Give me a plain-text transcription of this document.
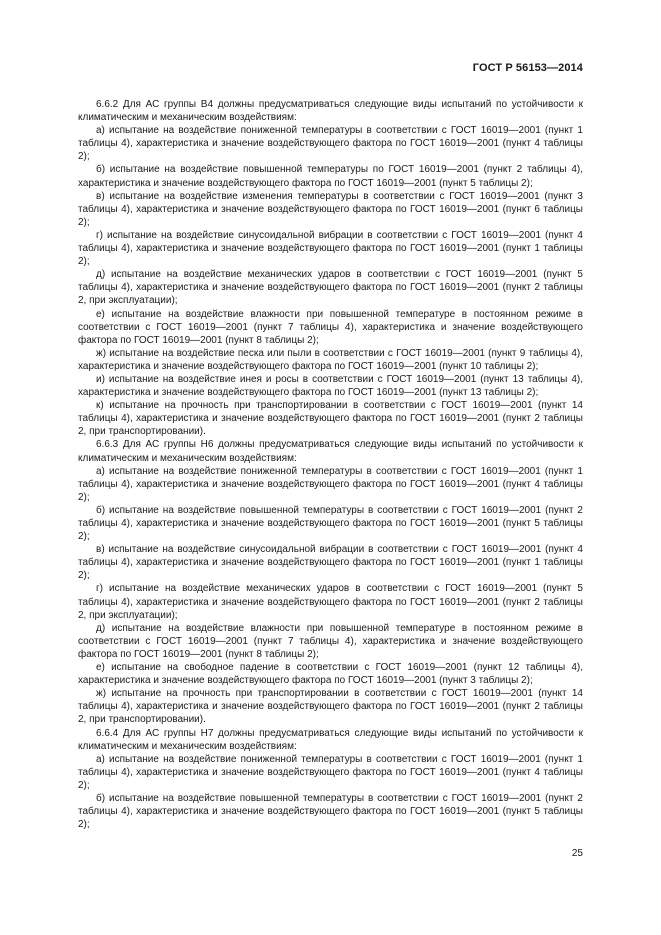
ГОСТ Р 56153—2014

6.6.2 Для АС группы В4 должны предусматриваться следующие виды испытаний по устойчивости к климатическим и механическим воздействиям:

а) испытание на воздействие пониженной температуры в соответствии с ГОСТ 16019—2001 (пункт 1 таблицы 4), характеристика и значение воздействующего фактора по ГОСТ 16019—2001 (пункт 4 таблицы 2);

б) испытание на воздействие повышенной температуры по ГОСТ 16019—2001 (пункт 2 таблицы 4), характеристика и значение воздействующего фактора по ГОСТ 16019—2001 (пункт 5 таблицы 2);

в) испытание на воздействие изменения температуры в соответствии с ГОСТ 16019—2001 (пункт 3 таблицы 4), характеристика и значение воздействующего фактора по ГОСТ 16019—2001 (пункт 6 таблицы 2);

г) испытание на воздействие синусоидальной вибрации в соответствии с ГОСТ 16019—2001 (пункт 4 таблицы 4), характеристика и значение воздействующего фактора по ГОСТ 16019—2001 (пункт 1 таблицы 2);

д) испытание на воздействие механических ударов в соответствии с ГОСТ 16019—2001 (пункт 5 таблицы 4), характеристика и значение воздействующего фактора по ГОСТ 16019—2001 (пункт 2 таблицы 2, при эксплуатации);

е) испытание на воздействие влажности при повышенной температуре в постоянном режиме в соответствии с ГОСТ 16019—2001 (пункт 7 таблицы 4), характеристика и значение воздействующего фактора по ГОСТ 16019—2001 (пункт 8 таблицы 2);

ж) испытание на воздействие песка или пыли в соответствии с ГОСТ 16019—2001 (пункт 9 таблицы 4), характеристика и значение воздействующего фактора по ГОСТ 16019—2001 (пункт 10 таблицы 2);

и) испытание на воздействие инея и росы в соответствии с ГОСТ 16019—2001 (пункт 13 таблицы 4), характеристика и значение воздействующего фактора по ГОСТ 16019—2001 (пункт 13 таблицы 2);

к) испытание на прочность при транспортировании в соответствии с ГОСТ 16019—2001 (пункт 14 таблицы 4), характеристика и значение воздействующего фактора по ГОСТ 16019—2001 (пункт 2 таблицы 2, при транспортировании).

6.6.3 Для АС группы Н6 должны предусматриваться следующие виды испытаний по устойчивости к климатическим и механическим воздействиям:

а) испытание на воздействие пониженной температуры в соответствии с ГОСТ 16019—2001 (пункт 1 таблицы 4), характеристика и значение воздействующего фактора по ГОСТ 16019—2001 (пункт 4 таблицы 2);

б) испытание на воздействие повышенной температуры в соответствии с ГОСТ 16019—2001 (пункт 2 таблицы 4), характеристика и значение воздействующего фактора по ГОСТ 16019—2001 (пункт 5 таблицы 2);

в) испытание на воздействие синусоидальной вибрации в соответствии с ГОСТ 16019—2001 (пункт 4 таблицы 4), характеристика и значение воздействующего фактора по ГОСТ 16019—2001 (пункт 1 таблицы 2);

г) испытание на воздействие механических ударов в соответствии с ГОСТ 16019—2001 (пункт 5 таблицы 4), характеристика и значение воздействующего фактора по ГОСТ 16019—2001 (пункт 2 таблицы 2, при эксплуатации);

д) испытание на воздействие влажности при повышенной температуре в постоянном режиме в соответствии с ГОСТ 16019—2001 (пункт 7 таблицы 4), характеристика и значение воздействующего фактора по ГОСТ 16019—2001 (пункт 8 таблицы 2);

е) испытание на свободное падение в соответствии с ГОСТ 16019—2001 (пункт 12 таблицы 4), характеристика и значение воздействующего фактора по ГОСТ 16019—2001 (пункт 3 таблицы 2);

ж) испытание на прочность при транспортировании в соответствии с ГОСТ 16019—2001 (пункт 14 таблицы 4), характеристика и значение воздействующего фактора по ГОСТ 16019—2001 (пункт 2 таблицы 2, при транспортировании).

6.6.4 Для АС группы Н7 должны предусматриваться следующие виды испытаний по устойчивости к климатическим и механическим воздействиям:

а) испытание на воздействие пониженной температуры в соответствии с ГОСТ 16019—2001 (пункт 1 таблицы 4), характеристика и значение воздействующего фактора по ГОСТ 16019—2001 (пункт 4 таблицы 2);

б) испытание на воздействие повышенной температуры в соответствии с ГОСТ 16019—2001 (пункт 2 таблицы 4), характеристика и значение воздействующего фактора по ГОСТ 16019—2001 (пункт 5 таблицы 2);

25
